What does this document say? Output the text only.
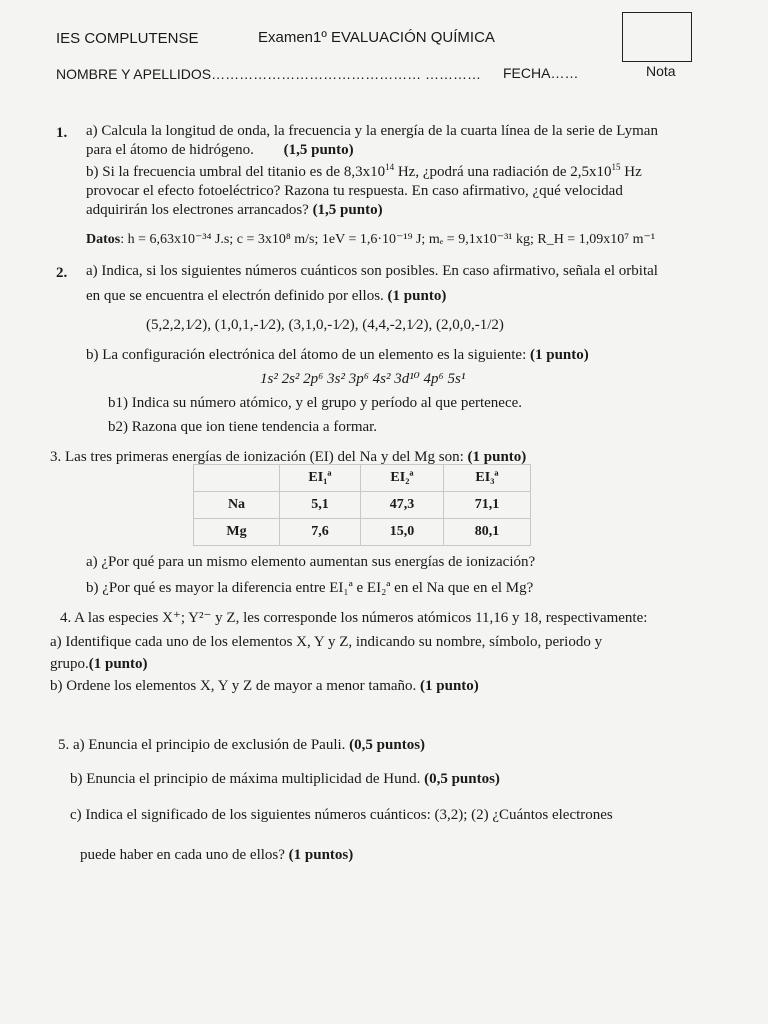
IES COMPLUTENSE	Examen1º EVALUACIÓN QUÍMICA
Nota
NOMBRE Y APELLIDOS……………………………………… ………… FECHA……
1. a) Calcula la longitud de onda, la frecuencia y la energía de la cuarta línea de la serie de Lyman
para el átomo de hidrógeno. (1,5 punto)
b) Si la frecuencia umbral del titanio es de $8,3x10^{14}$ Hz, ¿podrá una radiación de $2,5x10^{15}$ Hz
provocar el efecto fotoeléctrico? Razona tu respuesta. En caso afirmativo, ¿qué velocidad
adquirirán los electrones arrancados? (1,5 punto)
Datos: h = 6,63x10⁻³⁴ J.s; c = 3x10⁸ m/s; 1eV = 1,6·10⁻¹⁹ J; mₑ = 9,1x10⁻³¹ kg; R_H = 1,09x10⁷ m⁻¹
2. a) Indica, si los siguientes números cuánticos son posibles. En caso afirmativo, señala el orbital
en que se encuentra el electrón definido por ellos. (1 punto)
(5,2,2,1⁄2), (1,0,1,-1⁄2), (3,1,0,-1⁄2), (4,4,-2,1⁄2), (2,0,0,-1/2)
b) La configuración electrónica del átomo de un elemento es la siguiente: (1 punto)
1s² 2s² 2p⁶ 3s² 3p⁶ 4s² 3d¹⁰ 4p⁶ 5s¹
b1) Indica su número atómico, y el grupo y período al que pertenece.
b2) Razona que ion tiene tendencia a formar.
3. Las tres primeras energías de ionización (EI) del Na y del Mg son: (1 punto)
	EI₁ª	EI₂ª	EI₃ª
Na	5,1	47,3	71,1
Mg	7,6	15,0	80,1
a) ¿Por qué para un mismo elemento aumentan sus energías de ionización?
b) ¿Por qué es mayor la diferencia entre EI₁ª e EI₂ª en el Na que en el Mg?
4. A las especies X⁺; Y²⁻ y Z, les corresponde los números atómicos 11,16 y 18, respectivamente:
a) Identifique cada uno de los elementos X, Y y Z, indicando su nombre, símbolo, periodo y
grupo.(1 punto)
b) Ordene los elementos X, Y y Z de mayor a menor tamaño. (1 punto)
5. a) Enuncia el principio de exclusión de Pauli. (0,5 puntos)
b) Enuncia el principio de máxima multiplicidad de Hund. (0,5 puntos)
c) Indica el significado de los siguientes números cuánticos: (3,2); (2) ¿Cuántos electrones
puede haber en cada uno de ellos? (1 puntos)
